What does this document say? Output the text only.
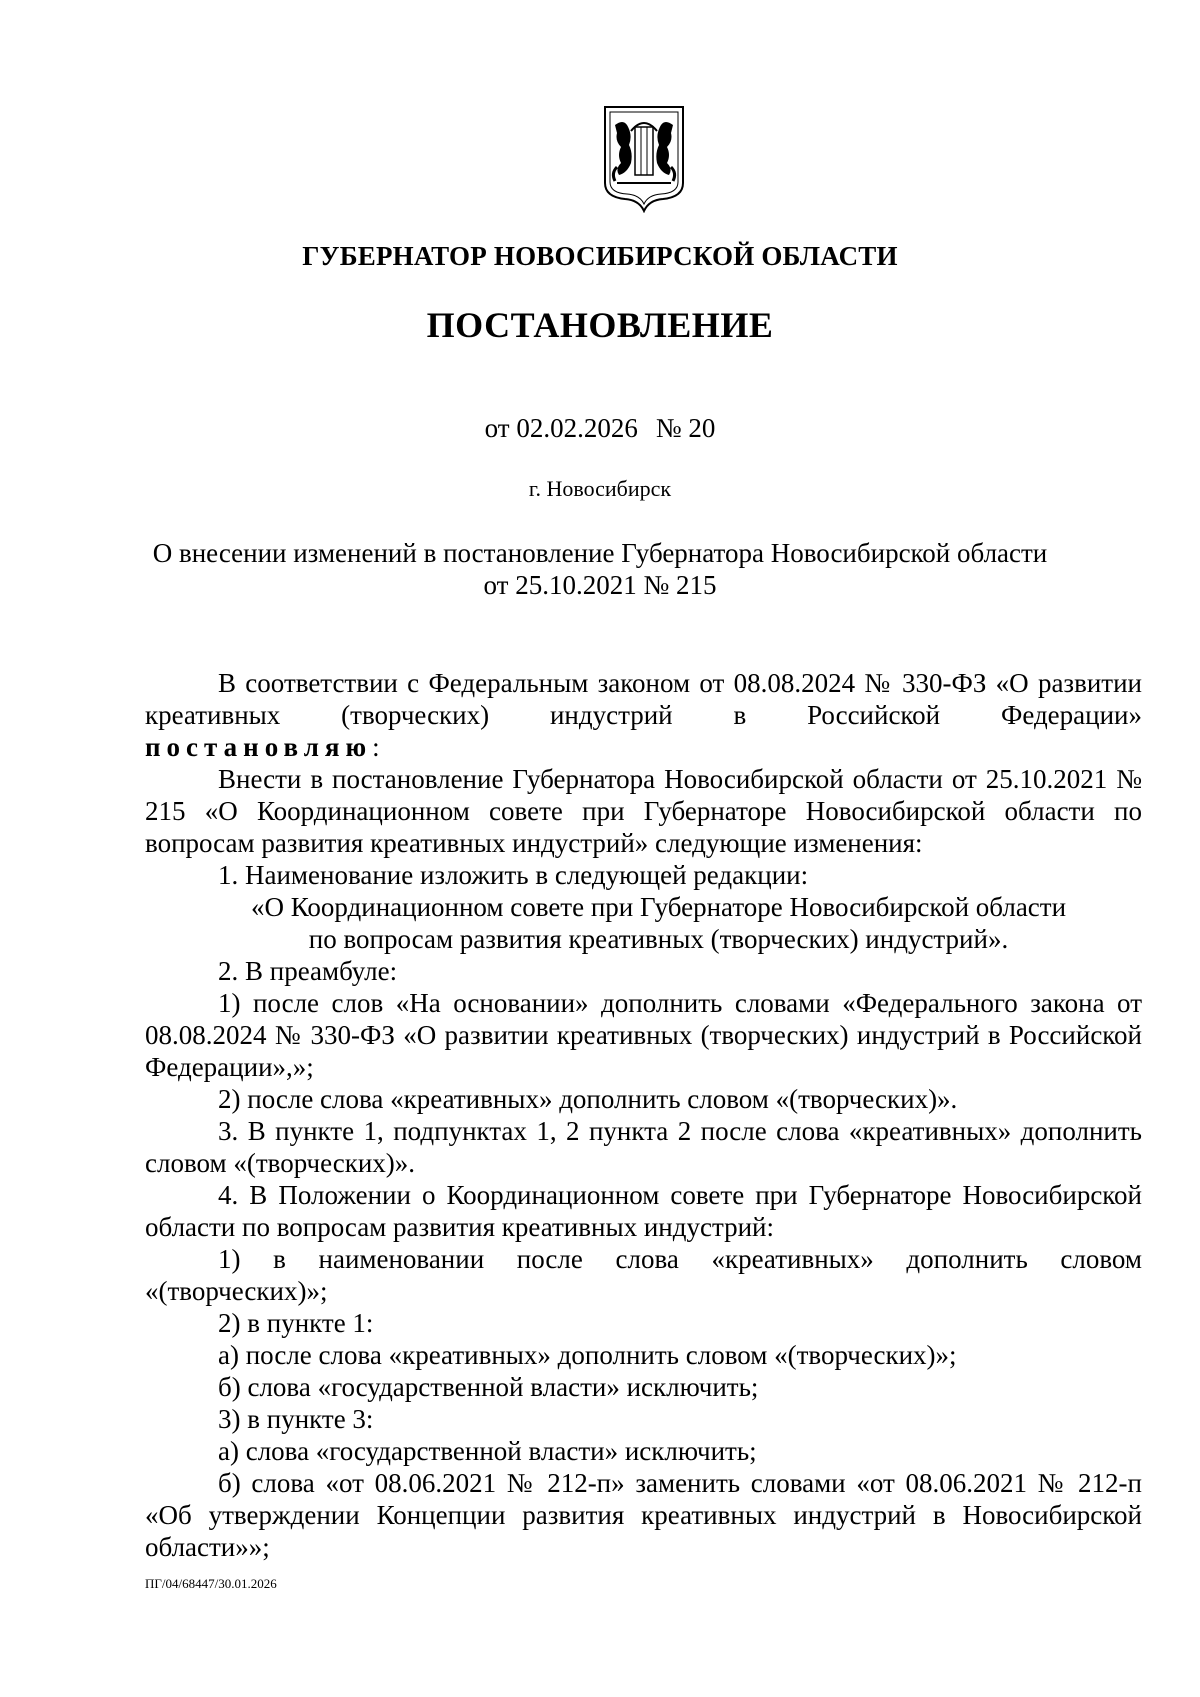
ГУБЕРНАТОР НОВОСИБИРСКОЙ ОБЛАСТИ
ПОСТАНОВЛЕНИЕ
от 02.02.2026 № 20
г. Новосибирск
О внесении изменений в постановление Губернатора Новосибирской области
от 25.10.2021 № 215

В соответствии с Федеральным законом от 08.08.2024 № 330-ФЗ «О развитии

креативных (творческих) индустрий в Российской Федерации»

постановляю:

Внести в постановление Губернатора Новосибирской области от 25.10.2021 № 215 «О Координационном совете при Губернаторе Новосибирской области по вопросам развития креативных индустрий» следующие изменения:

1. Наименование изложить в следующей редакции:

«О Координационном совете при Губернаторе Новосибирской области

по вопросам развития креативных (творческих) индустрий».

2. В преамбуле:

1) после слов «На основании» дополнить словами «Федерального закона от 08.08.2024 № 330-ФЗ «О развитии креативных (творческих) индустрий в Российской Федерации»,»;

2) после слова «креативных» дополнить словом «(творческих)».

3. В пункте 1, подпунктах 1, 2 пункта 2 после слова «креативных» дополнить словом «(творческих)».

4. В Положении о Координационном совете при Губернаторе Новосибирской области по вопросам развития креативных индустрий:

1) в наименовании после слова «креативных» дополнить словом «(творческих)»;

2) в пункте 1:

а) после слова «креативных» дополнить словом «(творческих)»;

б) слова «государственной власти» исключить;

3) в пункте 3:

а) слова «государственной власти» исключить;

б) слова «от 08.06.2021 № 212-п» заменить словами «от 08.06.2021 № 212-п «Об утверждении Концепции развития креативных индустрий в Новосибирской области»»;

ПГ/04/68447/30.01.2026
